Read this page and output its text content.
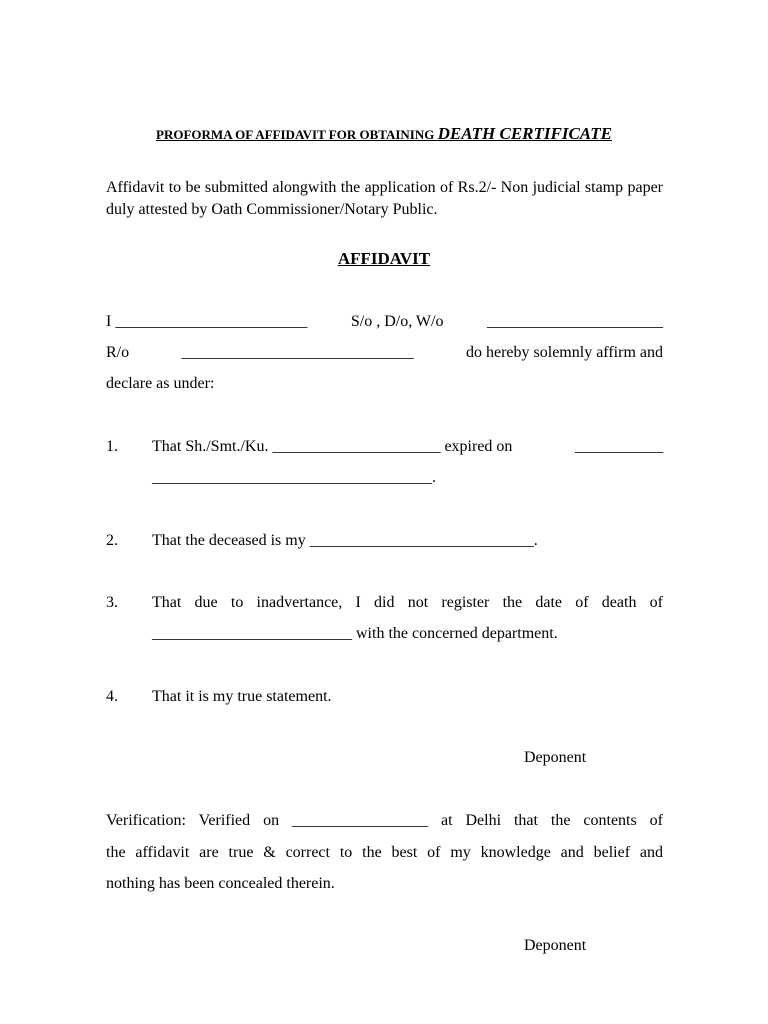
PROFORMA OF AFFIDAVIT FOR OBTAINING DEATH CERTIFICATE
Affidavit to be submitted alongwith the application of Rs.2/- Non judicial stamp paper duly attested by Oath Commissioner/Notary Public.
AFFIDAVIT
I ________________________	S/o , D/o, W/o	______________________
R/o	_____________________________	do hereby solemnly affirm and
declare as under:
1. That Sh./Smt./Ku. _____________________ expired on	___________
___________________________________.
2. That the deceased is my ____________________________.
3. That due to inadvertance, I did not register the date of death of
_________________________ with the concerned department.
4. That it is my true statement.
Deponent
Verification: Verified on _________________ at Delhi that the contents of
the affidavit are true & correct to the best of my knowledge and belief and
nothing has been concealed therein.
Deponent
